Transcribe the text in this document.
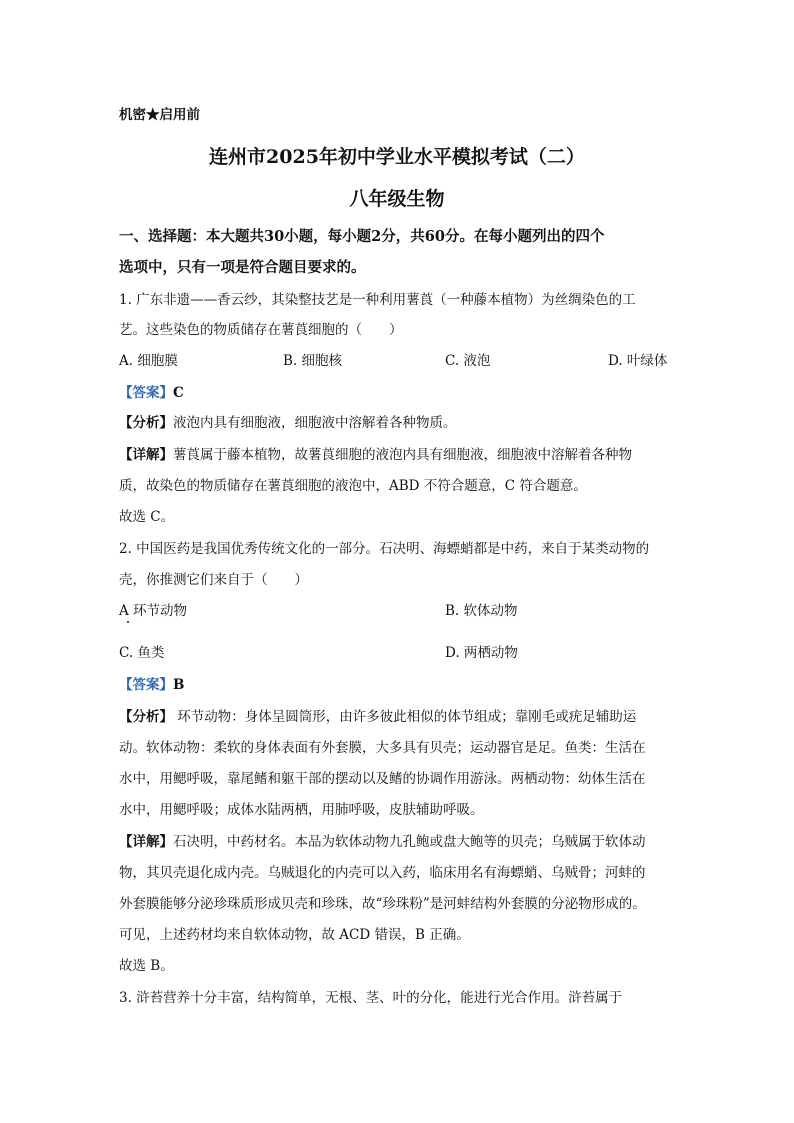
机密★启用前
连州市2025年初中学业水平模拟考试（二）
八年级生物
一、选择题：本大题共30小题，每小题2分，共60分。在每小题列出的四个
选项中，只有一项是符合题目要求的。
1. 广东非遗——香云纱，其染整技艺是一种利用薯莨（一种藤本植物）为丝绸染色的工
艺。这些染色的物质储存在薯莨细胞的（　　）
A. 细胞膜	B. 细胞核	C. 液泡	D. 叶绿体
【答案】C
【分析】液泡内具有细胞液，细胞液中溶解着各种物质。
【详解】薯莨属于藤本植物，故薯莨细胞的液泡内具有细胞液，细胞液中溶解着各种物
质，故染色的物质储存在薯莨细胞的液泡中，ABD 不符合题意，C 符合题意。
故选 C。
2. 中国医药是我国优秀传统文化的一部分。石决明、海螵蛸都是中药，来自于某类动物的
壳，你推测它们来自于（　　）
A 环节动物	B. 软体动物
C. 鱼类	D. 两栖动物
【答案】B
【分析】 环节动物：身体呈圆筒形，由许多彼此相似的体节组成；靠刚毛或疣足辅助运
动。软体动物：柔软的身体表面有外套膜，大多具有贝壳；运动器官是足。鱼类：生活在
水中，用鳃呼吸，靠尾鳍和躯干部的摆动以及鳍的协调作用游泳。两栖动物：幼体生活在
水中，用鳃呼吸；成体水陆两栖，用肺呼吸，皮肤辅助呼吸。
【详解】石决明，中药材名。本品为软体动物九孔鲍或盘大鲍等的贝壳；乌贼属于软体动
物，其贝壳退化成内壳。乌贼退化的内壳可以入药，临床用名有海螵蛸、乌贼骨；河蚌的
外套膜能够分泌珍珠质形成贝壳和珍珠，故“珍珠粉”是河蚌结构外套膜的分泌物形成的。
可见，上述药材均来自软体动物，故 ACD 错误，B 正确。
故选 B。
3. 浒苔营养十分丰富，结构简单，无根、茎、叶的分化，能进行光合作用。浒苔属于
